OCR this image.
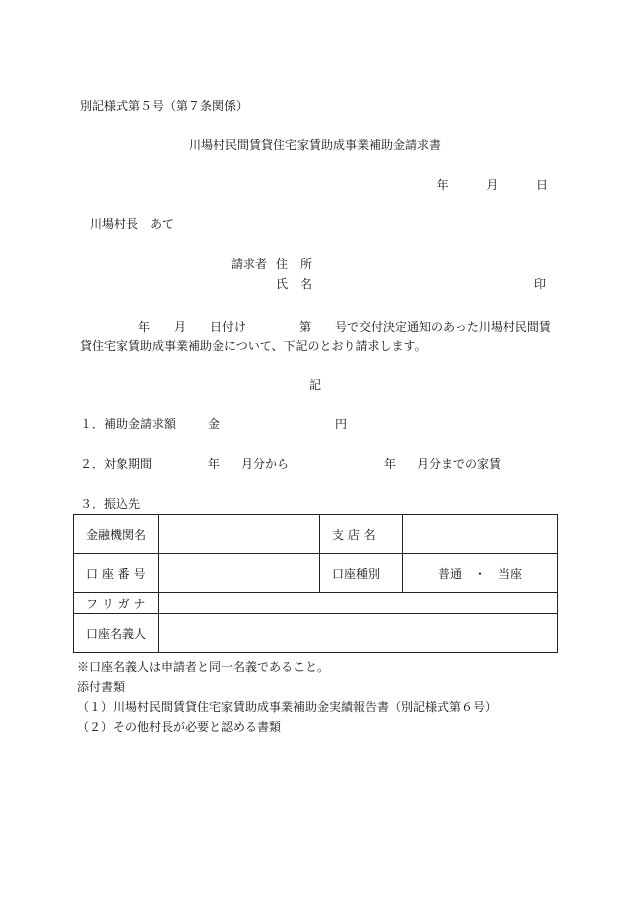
別記様式第５号（第７条関係）
川場村民間賃貸住宅家賃助成事業補助金請求書
年	月	日
川場村長　あて
請求者 住　所
氏　名	印
年 月 日付け	第 号で交付決定通知のあった川場村民間賃
貸住宅家賃助成事業補助金について、下記のとおり請求します。
記
１．補助金請求額	金	円
２．対象期間	年 月分から	年 月分までの家賃
３．振込先
金融機関名		支 店 名	
口 座 番 号		口座種別	普通　・　当座
フ リ ガ ナ			
口座名義人			
※口座名義人は申請者と同一名義であること。
添付書類
（１）川場村民間賃貸住宅家賃助成事業補助金実績報告書（別記様式第６号）
（２）その他村長が必要と認める書類
